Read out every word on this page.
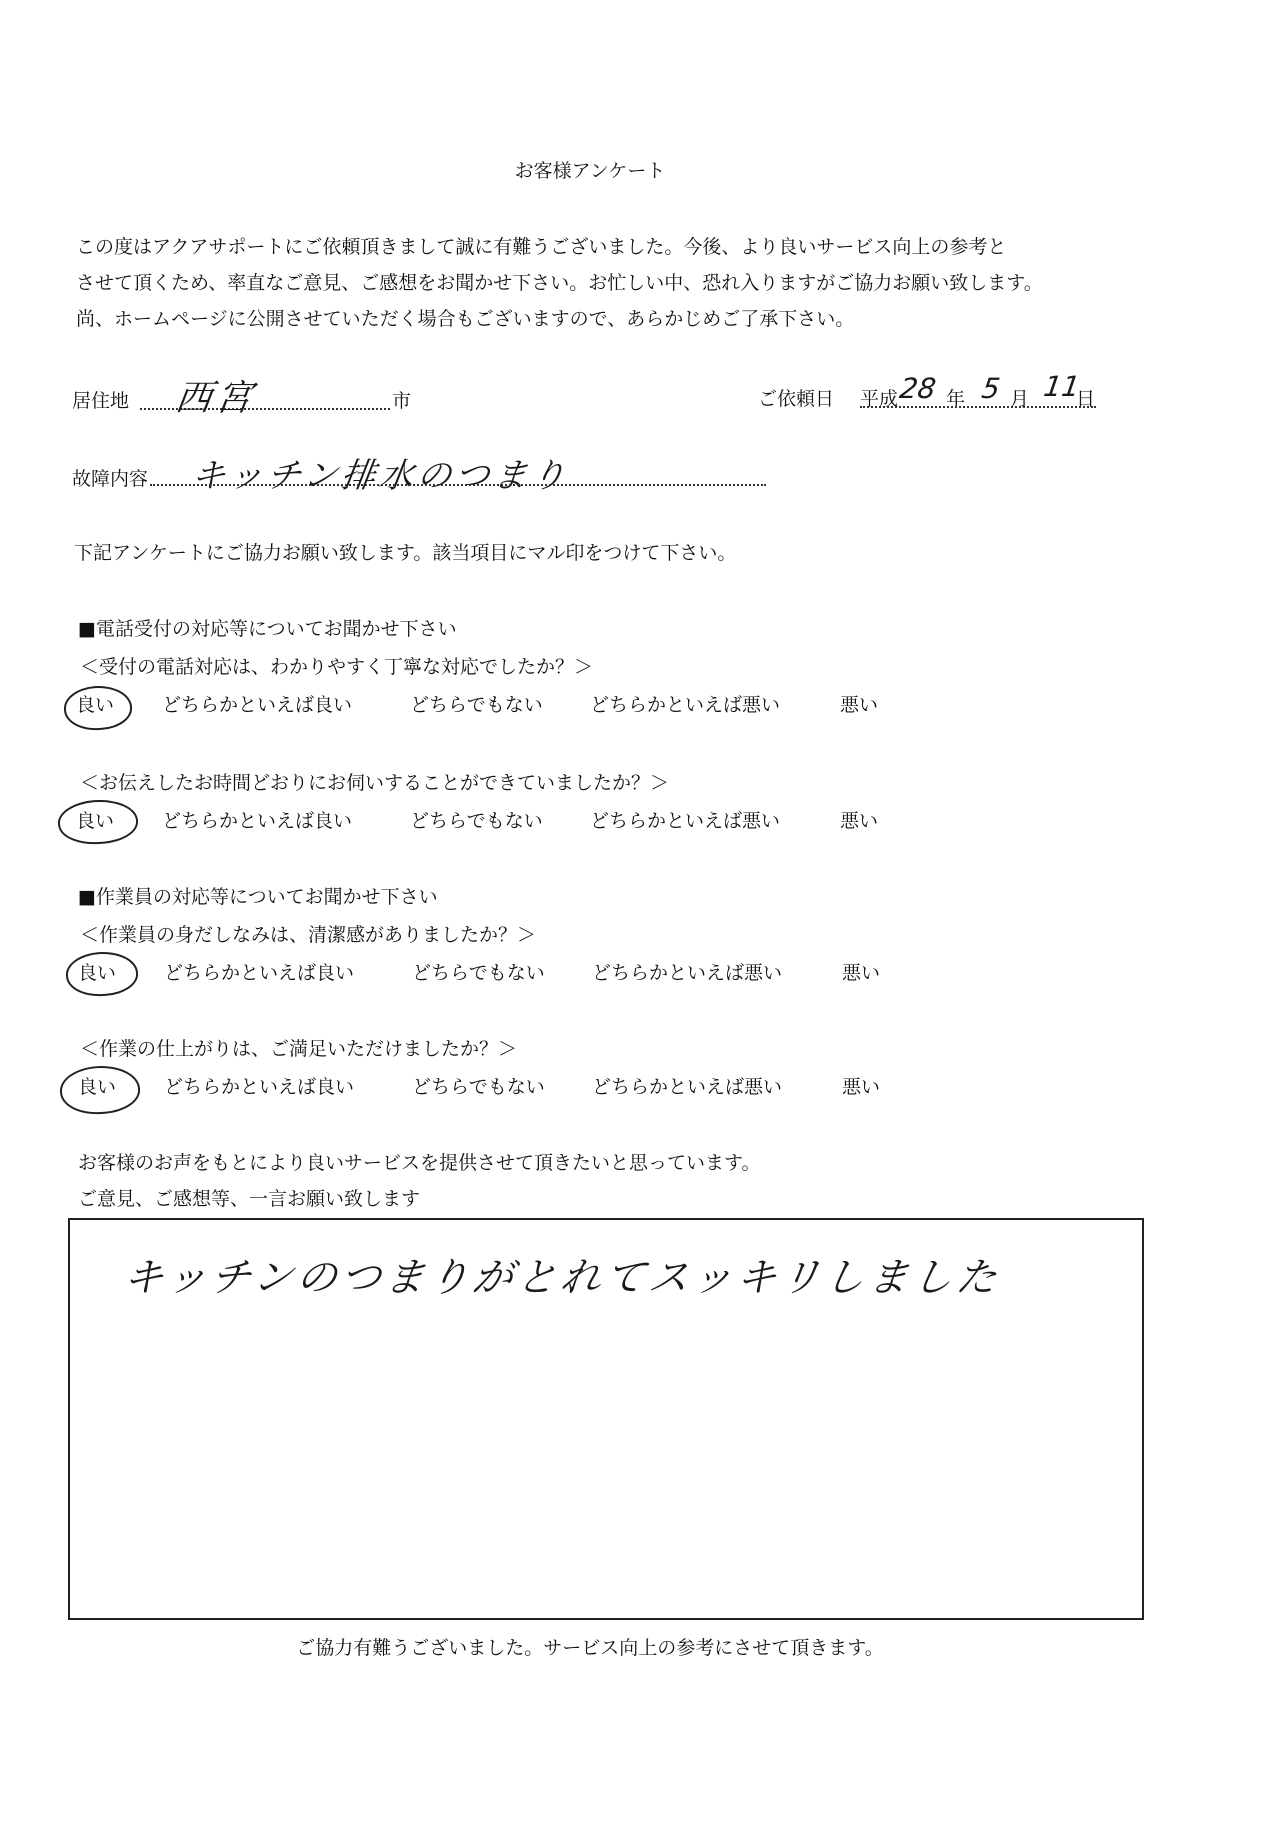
お客様アンケート
この度はアクアサポートにご依頼頂きまして誠に有難うございました。今後、より良いサービス向上の参考と
させて頂くため、率直なご意見、ご感想をお聞かせ下さい。お忙しい中、恐れ入りますがご協力お願い致します。
尚、ホームページに公開させていただく場合もございますので、あらかじめご了承下さい。
居住地 西宮	市	ご依頼日 平成 28 年 5 月 11
日
故障内容 キッチン排水のつまり
下記アンケートにご協力お願い致します。該当項目にマル印をつけて下さい。
■電話受付の対応等についてお聞かせ下さい
＜受付の電話対応は、わかりやすく丁寧な対応でしたか？＞
良い	どちらかといえば良い	どちらでもない どちらかといえば悪い	悪い
＜お伝えしたお時間どおりにお伺いすることができていましたか？＞
良い	どちらかといえば良い	どちらでもない どちらかといえば悪い	悪い
■作業員の対応等についてお聞かせ下さい
＜作業員の身だしなみは、清潔感がありましたか？＞
良い	どちらかといえば良い	どちらでもない どちらかといえば悪い	悪い
＜作業の仕上がりは、ご満足いただけましたか？＞
良い	どちらかといえば良い	どちらでもない どちらかといえば悪い	悪い
お客様のお声をもとにより良いサービスを提供させて頂きたいと思っています。
ご意見、ご感想等、一言お願い致します
キッチンのつまりがとれてスッキリしました
ご協力有難うございました。サービス向上の参考にさせて頂きます。
